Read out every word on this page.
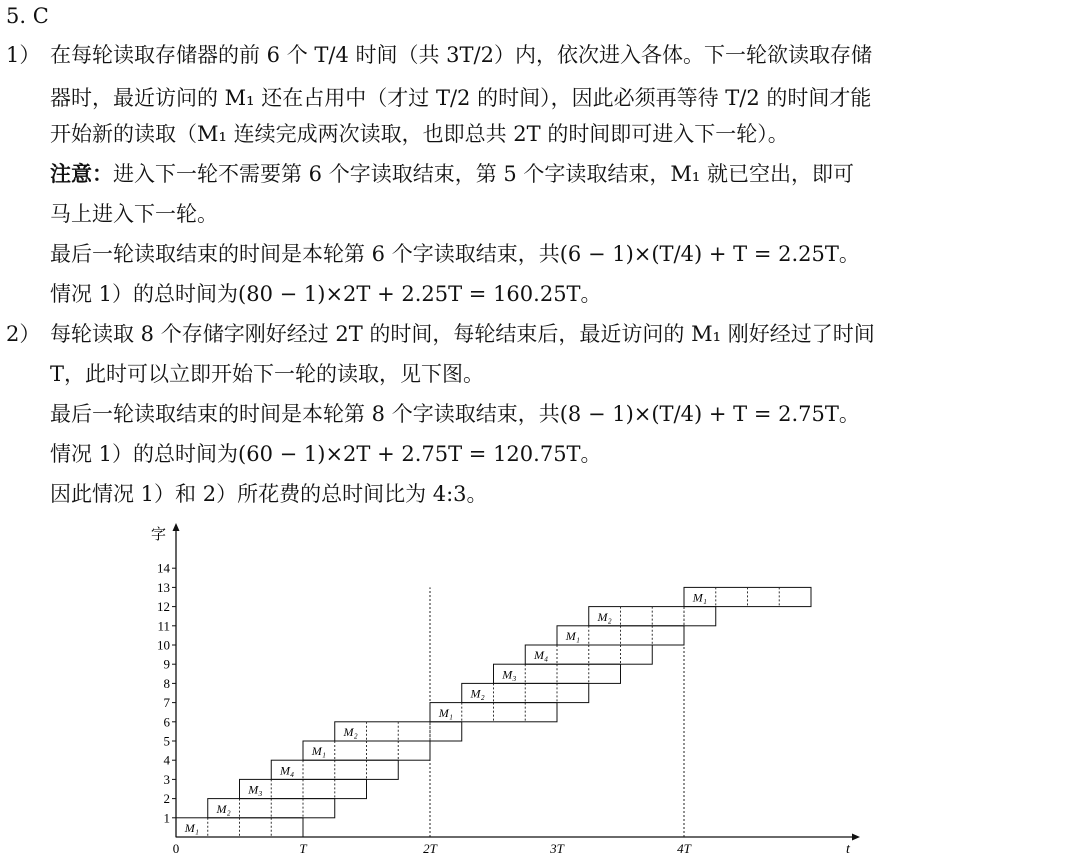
5. C
1） 在每轮读取存储器的前 6 个 T/4 时间（共 3T/2）内，依次进入各体。下一轮欲读取存储
器时，最近访问的 M₁ 还在占用中（才过 T/2 的时间），因此必须再等待 T/2 的时间才能
开始新的读取（M₁ 连续完成两次读取，也即总共 2T 的时间即可进入下一轮）。
注意：进入下一轮不需要第 6 个字读取结束，第 5 个字读取结束，M₁ 就已空出，即可
马上进入下一轮。
最后一轮读取结束的时间是本轮第 6 个字读取结束，共(6 − 1)×(T/4) + T = 2.25T。
情况 1）的总时间为(80 − 1)×2T + 2.25T = 160.25T。
2） 每轮读取 8 个存储字刚好经过 2T 的时间，每轮结束后，最近访问的 M₁ 刚好经过了时间
T，此时可以立即开始下一轮的读取，见下图。
最后一轮读取结束的时间是本轮第 8 个字读取结束，共(8 − 1)×(T/4) + T = 2.75T。
情况 1）的总时间为(60 − 1)×2T + 2.75T = 120.75T。
因此情况 1）和 2）所花费的总时间比为 4:3。
字
t
1
2
3
4
5
6
7
8
9
10
11
12
13
14
0	T	2T	3T	4T
M₁
M₂
M₃
M₄
M₁
M₂
M₁
M₂
M₃
M₄
M₁
M₂
M₁
